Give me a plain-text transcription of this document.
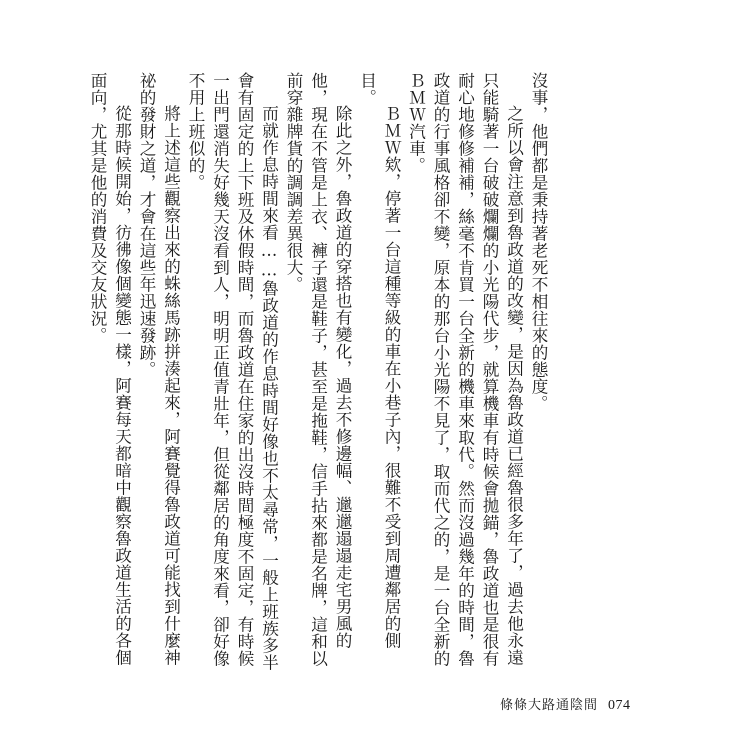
沒事，他們都是秉持著老死不相往來的態度。

之所以會注意到魯政道的改變，是因為魯政道已經魯很多年了，過去他永遠只能騎著一台破破爛爛的小光陽代步，就算機車有時候會拋錨，魯政道也是很有耐心地修修補補，絲毫不肯買一台全新的機車來取代。然而沒過幾年的時間，魯政道的行事風格卻不變，原本的那台小光陽不見了，取而代之的，是一台全新的ＢＭＷ汽車。

ＢＭＷ欸，停著一台這種等級的車在小巷子內，很難不受到周遭鄰居的側目。

除此之外，魯政道的穿搭也有變化，過去不修邊幅、邋邋遢遢走宅男風的他，現在不管是上衣、褲子還是鞋子，甚至是拖鞋，信手拈來都是名牌，這和以前穿雜牌貨的調調差異很大。

而就作息時間來看……魯政道的作息時間好像也不太尋常，一般上班族多半會有固定的上下班及休假時間，而魯政道在住家的出沒時間極度不固定，有時候一出門還消失好幾天沒看到人，明明正值青壯年，但從鄰居的角度來看，卻好像不用上班似的。

將上述這些觀察出來的蛛絲馬跡拼湊起來，阿賽覺得魯政道可能找到什麼神祕的發財之道，才會在這些年迅速發跡。

從那時候開始，彷彿像個變態一樣，阿賽每天都暗中觀察魯政道生活的各個面向，尤其是他的消費及交友狀況。

條條大路通陰間 074
